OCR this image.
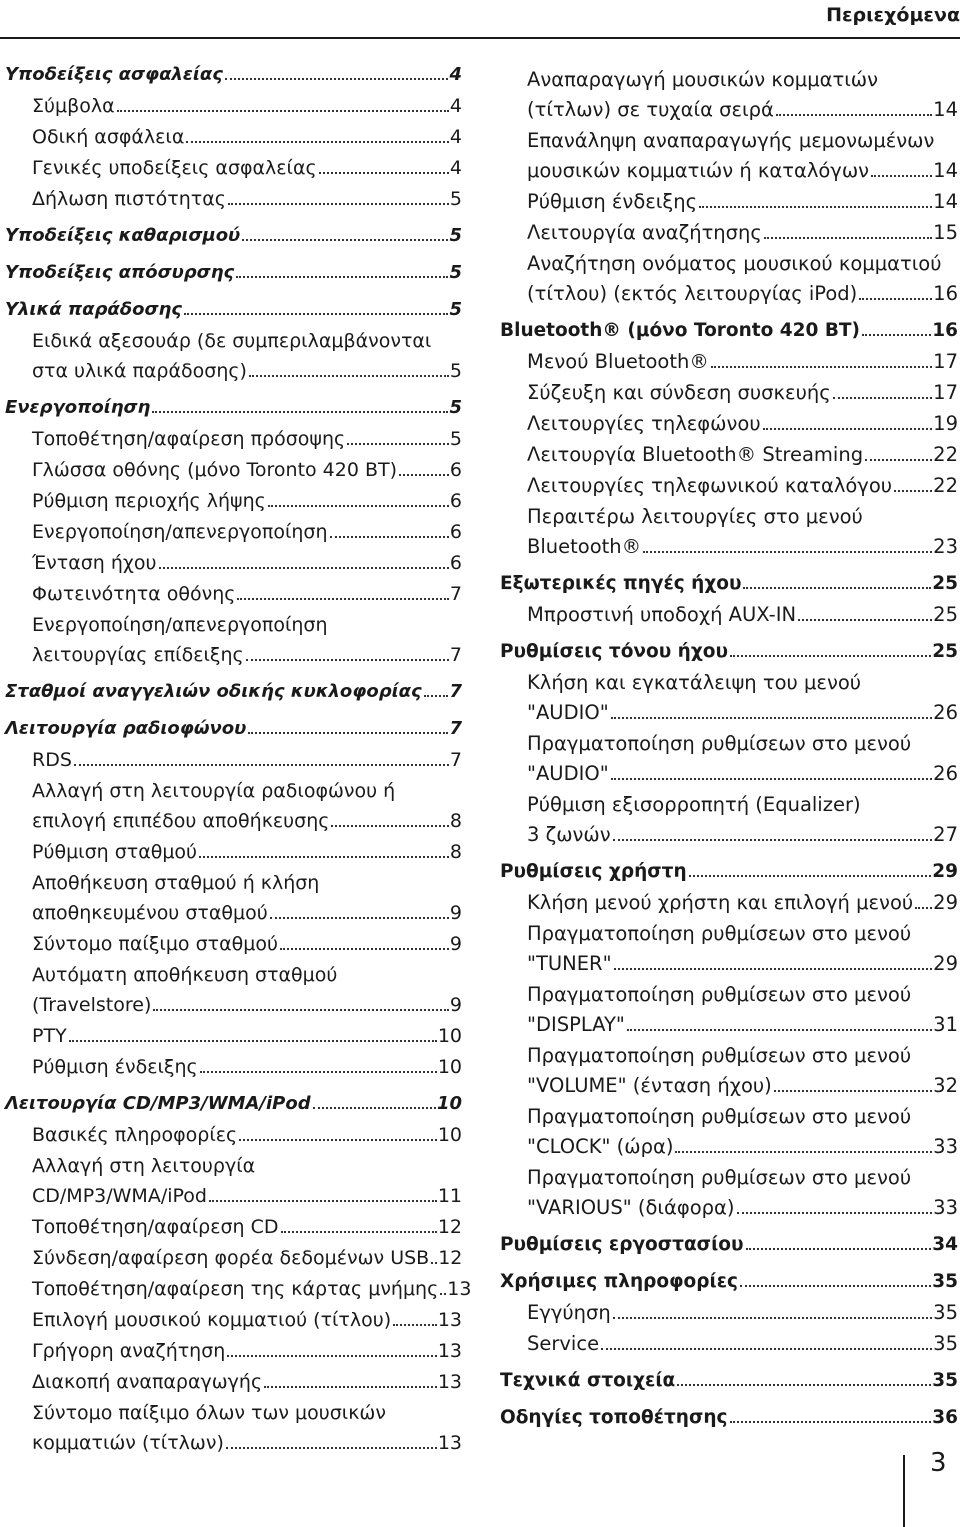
Περιεχόμενα
Υποδείξεις ασφαλείας	4
Σύμβολα	4
Οδική ασφάλεια	4
Γενικές υποδείξεις ασφαλείας	4
Δήλωση πιστότητας	5
Υποδείξεις καθαρισμού	5
Υποδείξεις απόσυρσης	5
Υλικά παράδοσης	5
Ειδικά αξεσουάρ (δε συμπεριλαμβάνονται
στα υλικά παράδοσης)	5
Ενεργοποίηση	5
Τοποθέτηση/αφαίρεση πρόσοψης	5
Γλώσσα οθόνης (μόνο Toronto 420 BT)	6
Ρύθμιση περιοχής λήψης	6
Ενεργοποίηση/απενεργοποίηση	6
Ένταση ήχου	6
Φωτεινότητα οθόνης	7
Ενεργοποίηση/απενεργοποίηση
λειτουργίας επίδειξης	7
Σταθμοί αναγγελιών οδικής κυκλοφορίας 7
Λειτουργία ραδιοφώνου	7
RDS	7
Αλλαγή στη λειτουργία ραδιοφώνου ή
επιλογή επιπέδου αποθήκευσης	8
Ρύθμιση σταθμού	8
Αποθήκευση σταθμού ή κλήση
αποθηκευμένου σταθμού	9
Σύντομο παίξιμο σταθμού	9
Αυτόματη αποθήκευση σταθμού
(Travelstore)	9
PTY	10
Ρύθμιση ένδειξης	10
Λειτουργία CD/MP3/WMA/iPod	10
Βασικές πληροφορίες	10
Αλλαγή στη λειτουργία
CD/MP3/WMA/iPod	11
Τοποθέτηση/αφαίρεση CD	12
Σύνδεση/αφαίρεση φορέα δεδομένων USB 12
Τοποθέτηση/αφαίρεση της κάρτας μνήμης 13
Επιλογή μουσικού κομματιού (τίτλου) 13
Γρήγορη αναζήτηση	13
Διακοπή αναπαραγωγής	13
Σύντομο παίξιμο όλων των μουσικών
κομματιών (τίτλων)	13
Αναπαραγωγή μουσικών κομματιών
(τίτλων) σε τυχαία σειρά	14
Επανάληψη αναπαραγωγής μεμονωμένων
μουσικών κομματιών ή καταλόγων	14
Ρύθμιση ένδειξης	14
Λειτουργία αναζήτησης	15
Αναζήτηση ονόματος μουσικού κομματιού
(τίτλου) (εκτός λειτουργίας iPod)	16
Bluetooth® (μόνο Toronto 420 BT)	16
Μενού Bluetooth®	17
Σύζευξη και σύνδεση συσκευής	17
Λειτουργίες τηλεφώνου	19
Λειτουργία Bluetooth® Streaming	22
Λειτουργίες τηλεφωνικού καταλόγου 22
Περαιτέρω λειτουργίες στο μενού
Bluetooth®	23
Εξωτερικές πηγές ήχου	25
Μπροστινή υποδοχή AUX-IN	25
Ρυθμίσεις τόνου ήχου	25
Κλήση και εγκατάλειψη του μενού
"AUDIO"	26
Πραγματοποίηση ρυθμίσεων στο μενού
"AUDIO"	26
Ρύθμιση εξισορροπητή (Equalizer)
3 ζωνών	27
Ρυθμίσεις χρήστη	29
Κλήση μενού χρήστη και επιλογή μενού 29
Πραγματοποίηση ρυθμίσεων στο μενού
"TUNER"	29
Πραγματοποίηση ρυθμίσεων στο μενού
"DISPLAY"	31
Πραγματοποίηση ρυθμίσεων στο μενού
"VOLUME" (ένταση ήχου)	32
Πραγματοποίηση ρυθμίσεων στο μενού
"CLOCK" (ώρα)	33
Πραγματοποίηση ρυθμίσεων στο μενού
"VARIOUS" (διάφορα)	33
Ρυθμίσεις εργοστασίου	34
Χρήσιμες πληροφορίες	35
Εγγύηση	35
Service	35
Τεχνικά στοιχεία	35
Οδηγίες τοποθέτησης	36
3
